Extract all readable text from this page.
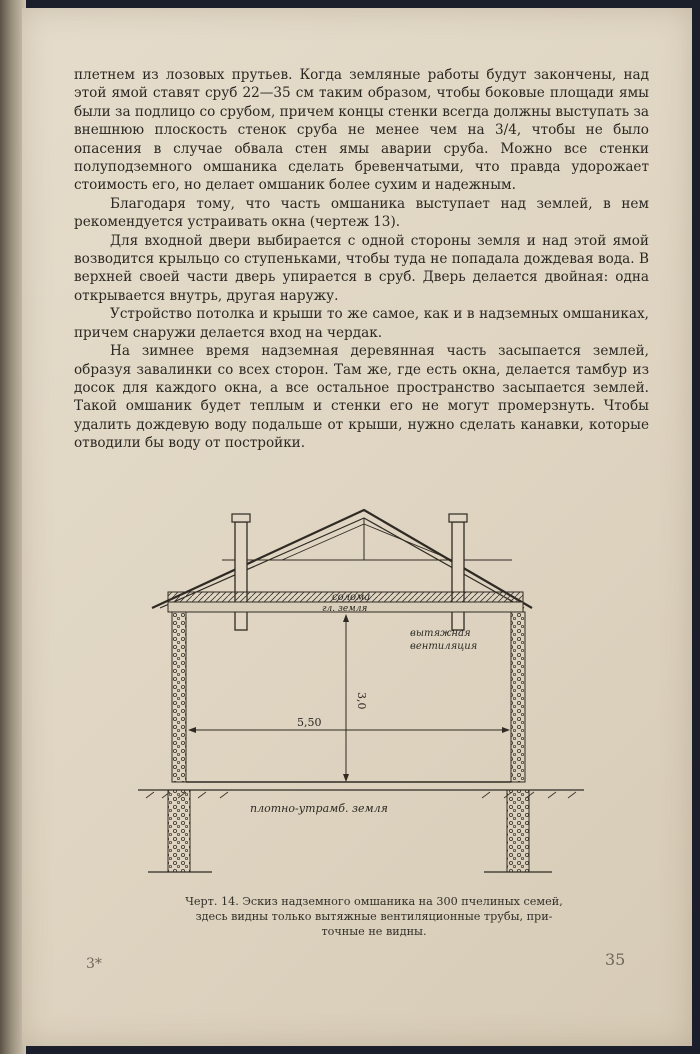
плетнем из лозовых прутьев. Когда земляные работы будут закончены, над этой ямой ставят сруб 22—35 см таким образом, чтобы боковые площади ямы были за подлицо со срубом, причем концы стенки всегда должны выступать за внешнюю плоскость стенок сруба не менее чем на 3/4, чтобы не было опасения в случае обвала стен ямы аварии сруба. Можно все стенки полуподземного омшаника сделать бревенчатыми, что правда удорожает стоимость его, но делает омшаник более сухим и надежным.

Благодаря тому, что часть омшаника выступает над землей, в нем рекомендуется устраивать окна (чертеж 13).

Для входной двери выбирается с одной стороны земля и над этой ямой возводится крыльцо со ступеньками, чтобы туда не попадала дождевая вода. В верхней своей части дверь упирается в сруб. Дверь делается двойная: одна открывается внутрь, другая наружу.

Устройство потолка и крыши то же самое, как и в надземных омшаниках, причем снаружи делается вход на чердак.

На зимнее время надземная деревянная часть засыпается землей, образуя завалинки со всех сторон. Там же, где есть окна, делается тамбур из досок для каждого окна, а все остальное пространство засыпается землей. Такой омшаник будет теплым и стенки его не могут промерзнуть. Чтобы удалить дождевую воду подальше от крыши, нужно сделать канавки, которые отводили бы воду от постройки.

солома
гл. земля
вытяжная
вентиляция
3,0
5,50
плотно-утрамб. земля
Черт. 14. Эскиз надземного омшаника на 300 пчелиных семей,
здесь видны только вытяжные вентиляционные трубы, при-
точные не видны.
3*	35
